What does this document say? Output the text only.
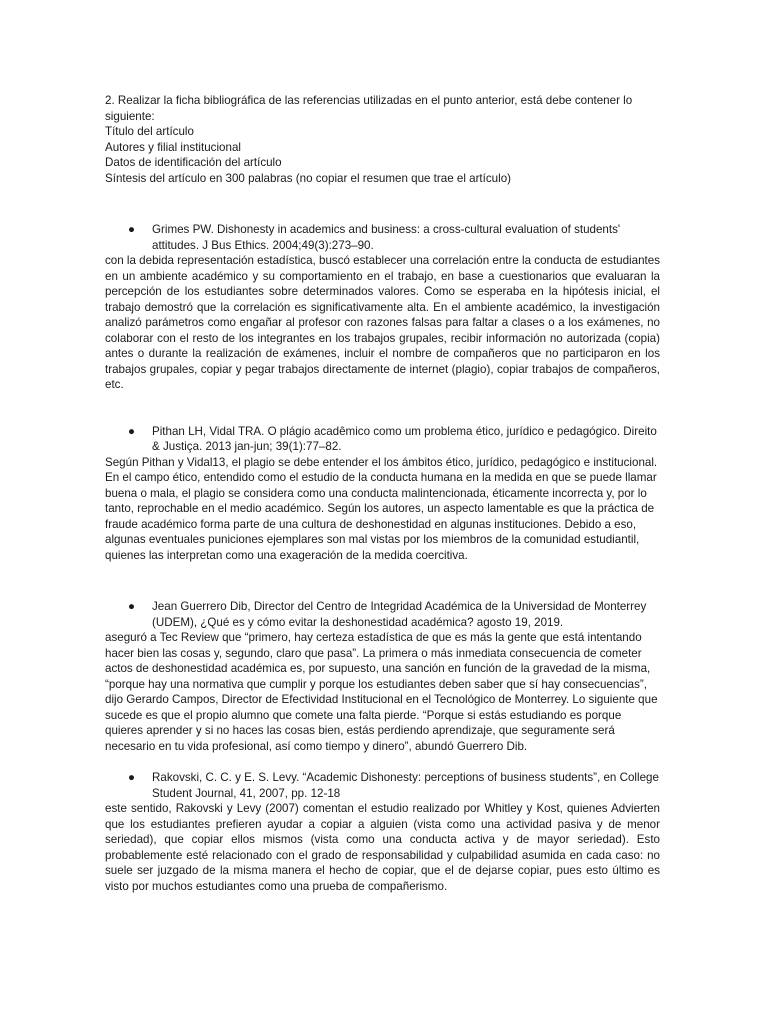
2. Realizar la ficha bibliográfica de las referencias utilizadas en el punto anterior, está debe contener lo siguiente:

Título del artículo

Autores y filial institucional

Datos de identificación del artículo

Síntesis del artículo en 300 palabras (no copiar el resumen que trae el artículo)

● Grimes PW. Dishonesty in academics and business: a cross-cultural evaluation of students' attitudes. J Bus Ethics. 2004;49(3):273–90.

con la debida representación estadística, buscó establecer una correlación entre la conducta de estudiantes en un ambiente académico y su comportamiento en el trabajo, en base a cuestionarios que evaluaran la percepción de los estudiantes sobre determinados valores. Como se esperaba en la hipótesis inicial, el trabajo demostró que la correlación es significativamente alta. En el ambiente académico, la investigación analizó parámetros como engañar al profesor con razones falsas para faltar a clases o a los exámenes, no colaborar con el resto de los integrantes en los trabajos grupales, recibir información no autorizada (copia) antes o durante la realización de exámenes, incluir el nombre de compañeros que no participaron en los trabajos grupales, copiar y pegar trabajos directamente de internet (plagio), copiar trabajos de compañeros, etc.

● Pithan LH, Vidal TRA. O plágio acadêmico como um problema ético, jurídico e pedagógico. Direito & Justiça. 2013 jan-jun; 39(1):77–82.

Según Pithan y Vidal13, el plagio se debe entender el los ámbitos ético, jurídico, pedagógico e institucional. En el campo ético, entendido como el estudio de la conducta humana en la medida en que se puede llamar buena o mala, el plagio se considera como una conducta malintencionada, éticamente incorrecta y, por lo tanto, reprochable en el medio académico. Según los autores, un aspecto lamentable es que la práctica de fraude académico forma parte de una cultura de deshonestidad en algunas instituciones. Debido a eso, algunas eventuales puniciones ejemplares son mal vistas por los miembros de la comunidad estudiantil, quienes las interpretan como una exageración de la medida coercitiva.

● Jean Guerrero Dib, Director del Centro de Integridad Académica de la Universidad de Monterrey (UDEM), ¿Qué es y cómo evitar la deshonestidad académica? agosto 19, 2019.

aseguró a Tec Review que “primero, hay certeza estadística de que es más la gente que está intentando hacer bien las cosas y, segundo, claro que pasa”. La primera o más inmediata consecuencia de cometer actos de deshonestidad académica es, por supuesto, una sanción en función de la gravedad de la misma, “porque hay una normativa que cumplir y porque los estudiantes deben saber que sí hay consecuencias”, dijo Gerardo Campos, Director de Efectividad Institucional en el Tecnológico de Monterrey. Lo siguiente que sucede es que el propio alumno que comete una falta pierde. “Porque si estás estudiando es porque quieres aprender y si no haces las cosas bien, estás perdiendo aprendizaje, que seguramente será necesario en tu vida profesional, así como tiempo y dinero”, abundó Guerrero Dib.

● Rakovski, C. C. y E. S. Levy. “Academic Dishonesty: perceptions of business students”, en College Student Journal, 41, 2007, pp. 12-18

este sentido, Rakovski y Levy (2007) comentan el estudio realizado por Whitley y Kost, quienes Advierten que los estudiantes prefieren ayudar a copiar a alguien (vista como una actividad pasiva y de menor seriedad), que copiar ellos mismos (vista como una conducta activa y de mayor seriedad). Esto probablemente esté relacionado con el grado de responsabilidad y culpabilidad asumida en cada caso: no suele ser juzgado de la misma manera el hecho de copiar, que el de dejarse copiar, pues esto último es visto por muchos estudiantes como una prueba de compañerismo.
